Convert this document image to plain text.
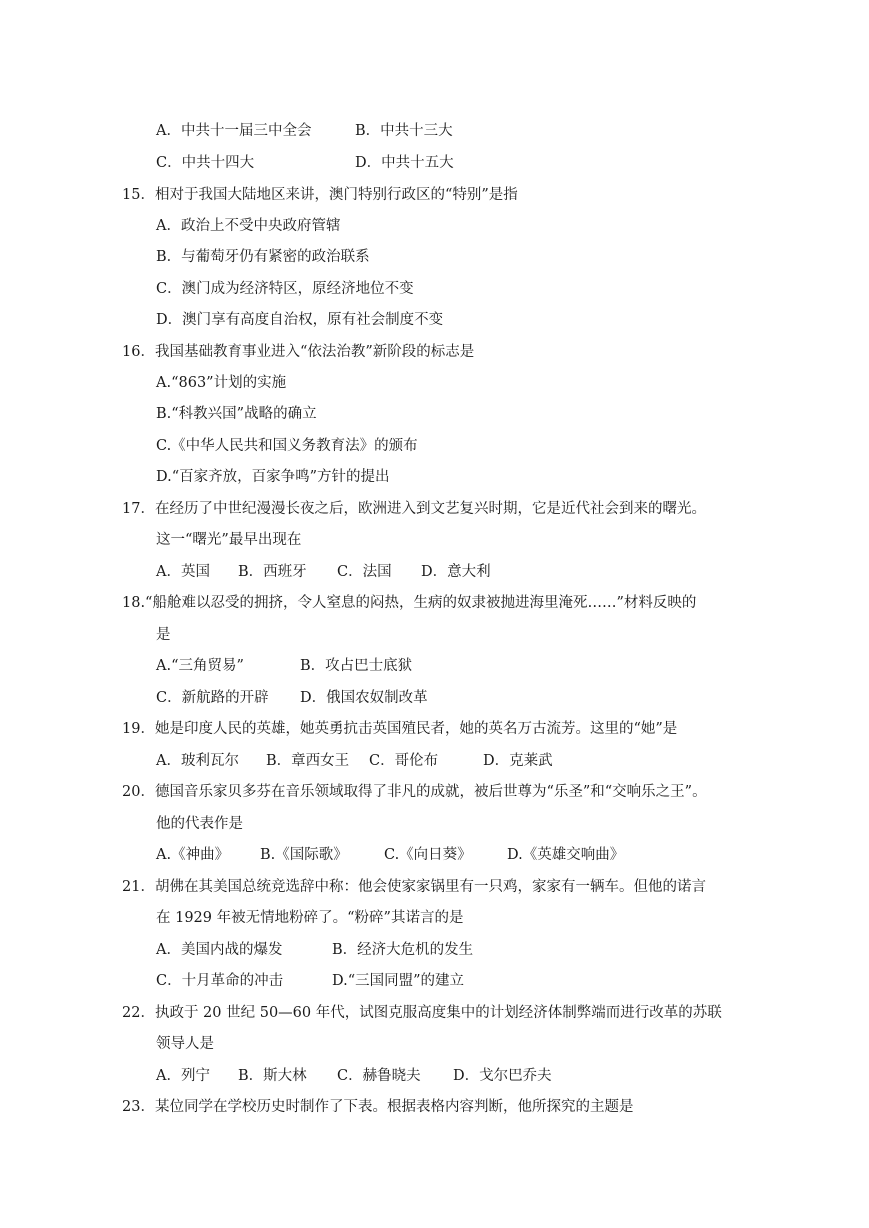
A．中共十一届三中全会	B．中共十三大
C．中共十四大	D．中共十五大
15．相对于我国大陆地区来讲，澳门特别行政区的“特别”是指
A．政治上不受中央政府管辖
B．与葡萄牙仍有紧密的政治联系
C．澳门成为经济特区，原经济地位不变
D．澳门享有高度自治权，原有社会制度不变
16．我国基础教育事业进入“依法治教”新阶段的标志是
A.“863”计划的实施
B.“科教兴国”战略的确立
C.《中华人民共和国义务教育法》的颁布
D.“百家齐放，百家争鸣”方针的提出
17．在经历了中世纪漫漫长夜之后，欧洲进入到文艺复兴时期，它是近代社会到来的曙光。
这一“曙光”最早出现在
A．英国 B．西班牙 C．法国 D．意大利
18.“船舱难以忍受的拥挤，令人窒息的闷热，生病的奴隶被抛进海里淹死……”材料反映的
是
A.“三角贸易”	B．攻占巴士底狱
C．新航路的开辟 D．俄国农奴制改革
19．她是印度人民的英雄，她英勇抗击英国殖民者，她的英名万古流芳。这里的“她”是
A．玻利瓦尔 B．章西女王 C．哥伦布	D．克莱武
20．德国音乐家贝多芬在音乐领域取得了非凡的成就，被后世尊为“乐圣”和“交响乐之王”。
他的代表作是
A.《神曲》 B.《国际歌》 C.《向日葵》 D.《英雄交响曲》
21．胡佛在其美国总统竞选辞中称：他会使家家锅里有一只鸡，家家有一辆车。但他的诺言
在 1929 年被无情地粉碎了。“粉碎”其诺言的是
A．美国内战的爆发	B．经济大危机的发生
C．十月革命的冲击	D.“三国同盟”的建立
22．执政于 20 世纪 50—60 年代，试图克服高度集中的计划经济体制弊端而进行改革的苏联
领导人是
A．列宁 B．斯大林 C．赫鲁晓夫 D．戈尔巴乔夫
23．某位同学在学校历史时制作了下表。根据表格内容判断，他所探究的主题是
